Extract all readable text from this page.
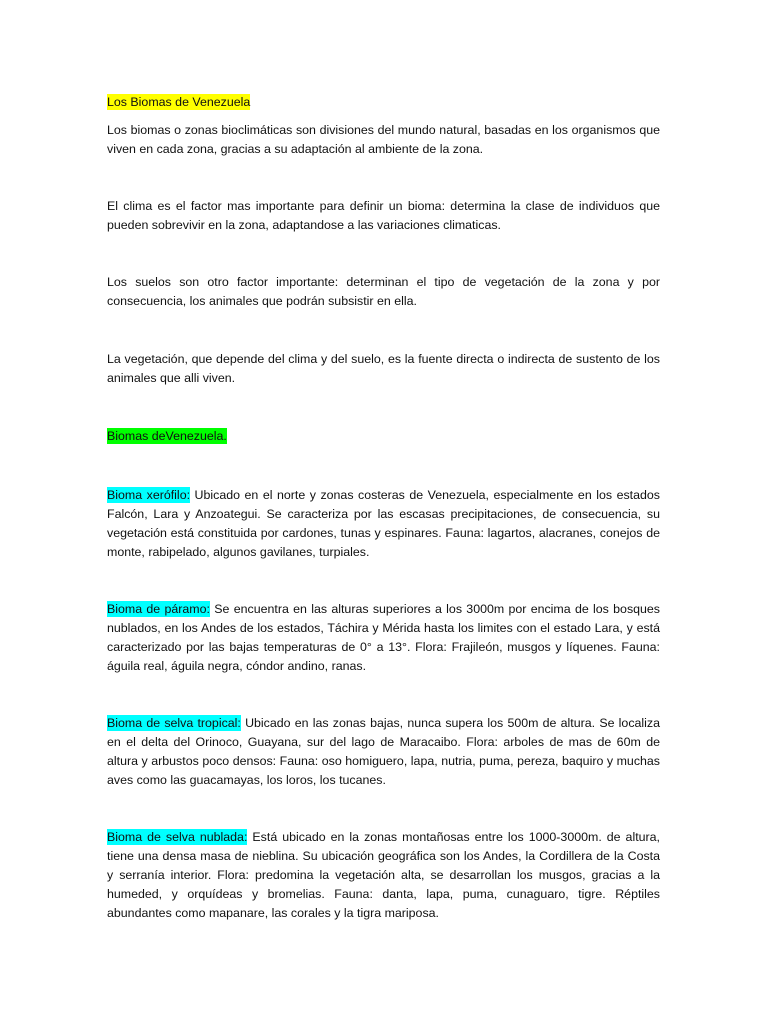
Los Biomas de Venezuela

Los biomas o zonas bioclimáticas son divisiones del mundo natural, basadas en los organismos que viven en cada zona, gracias a su adaptación al ambiente de la zona.

El clima es el factor mas importante para definir un bioma: determina la clase de individuos que pueden sobrevivir en la zona, adaptandose a las variaciones climaticas.

Los suelos son otro factor importante: determinan el tipo de vegetación de la zona y por consecuencia, los animales que podrán subsistir en ella.

La vegetación, que depende del clima y del suelo, es la fuente directa o indirecta de sustento de los animales que alli viven.

Biomas deVenezuela.

Bioma xerófilo: Ubicado en el norte y zonas costeras de Venezuela, especialmente en los estados Falcón, Lara y Anzoategui. Se caracteriza por las escasas precipitaciones, de consecuencia, su vegetación está constituida por cardones, tunas y espinares. Fauna: lagartos, alacranes, conejos de monte, rabipelado, algunos gavilanes, turpiales.

Bioma de páramo: Se encuentra en las alturas superiores a los 3000m por encima de los bosques nublados, en los Andes de los estados, Táchira y Mérida hasta los limites con el estado Lara, y está caracterizado por las bajas temperaturas de 0° a 13°. Flora: Frajileón, musgos y líquenes. Fauna: águila real, águila negra, cóndor andino, ranas.

Bioma de selva tropical: Ubicado en las zonas bajas, nunca supera los 500m de altura. Se localiza en el delta del Orinoco, Guayana, sur del lago de Maracaibo. Flora: arboles de mas de 60m de altura y arbustos poco densos: Fauna: oso homiguero, lapa, nutria, puma, pereza, baquiro y muchas aves como las guacamayas, los loros, los tucanes.

Bioma de selva nublada: Está ubicado en la zonas montañosas entre los 1000-3000m. de altura, tiene una densa masa de nieblina. Su ubicación geográfica son los Andes, la Cordillera de la Costa y serranía interior. Flora: predomina la vegetación alta, se desarrollan los musgos, gracias a la humeded, y orquídeas y bromelias. Fauna: danta, lapa, puma, cunaguaro, tigre. Réptiles abundantes como mapanare, las corales y la tigra mariposa.
